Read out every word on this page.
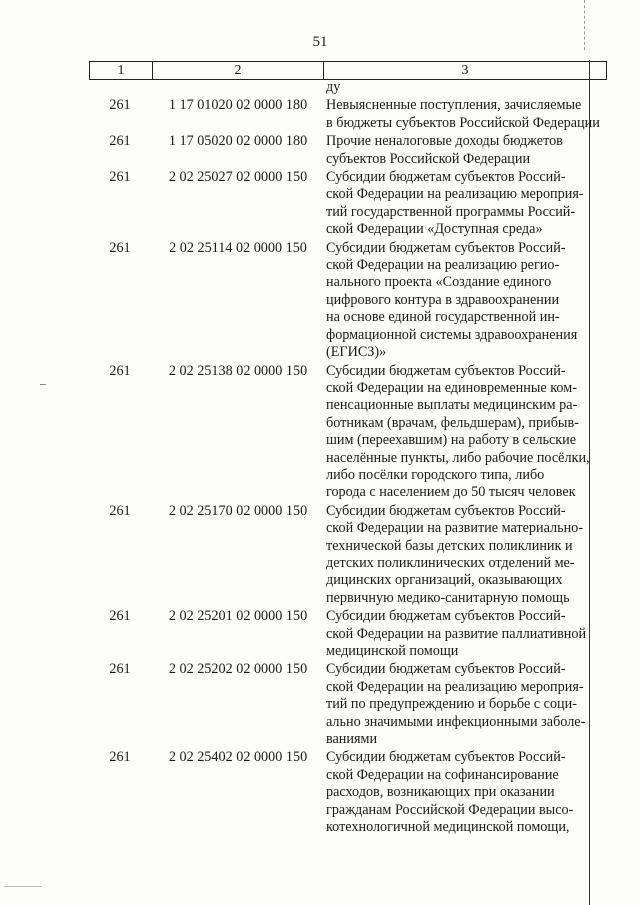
51
1	2	3
ду
261	1 17 01020 02 0000 180	Невыясненные поступления, зачисляемые
в бюджеты субъектов Российской Федерации
261	1 17 05020 02 0000 180	Прочие неналоговые доходы бюджетов
субъектов Российской Федерации
261	2 02 25027 02 0000 150	Субсидии бюджетам субъектов Россий-
ской Федерации на реализацию мероприя-
тий государственной программы Россий-
ской Федерации «Доступная среда»
261	2 02 25114 02 0000 150	Субсидии бюджетам субъектов Россий-
ской Федерации на реализацию регио-
нального проекта «Создание единого
цифрового контура в здравоохранении
на основе единой государственной ин-
формационной системы здравоохранения
(ЕГИСЗ)»
261	2 02 25138 02 0000 150	Субсидии бюджетам субъектов Россий-
ской Федерации на единовременные ком-
пенсационные выплаты медицинским ра-
ботникам (врачам, фельдшерам), прибыв-
шим (переехавшим) на работу в сельские
населённые пункты, либо рабочие посёлки,
либо посёлки городского типа, либо
города с населением до 50 тысяч человек
261	2 02 25170 02 0000 150	Субсидии бюджетам субъектов Россий-
ской Федерации на развитие материально-
технической базы детских поликлиник и
детских поликлинических отделений ме-
дицинских организаций, оказывающих
первичную медико-санитарную помощь
261	2 02 25201 02 0000 150	Субсидии бюджетам субъектов Россий-
ской Федерации на развитие паллиативной
медицинской помощи
261	2 02 25202 02 0000 150	Субсидии бюджетам субъектов Россий-
ской Федерации на реализацию мероприя-
тий по предупреждению и борьбе с соци-
ально значимыми инфекционными заболе-
ваниями
261	2 02 25402 02 0000 150	Субсидии бюджетам субъектов Россий-
ской Федерации на софинансирование
расходов, возникающих при оказании
гражданам Российской Федерации высо-
котехнологичной медицинской помощи,
